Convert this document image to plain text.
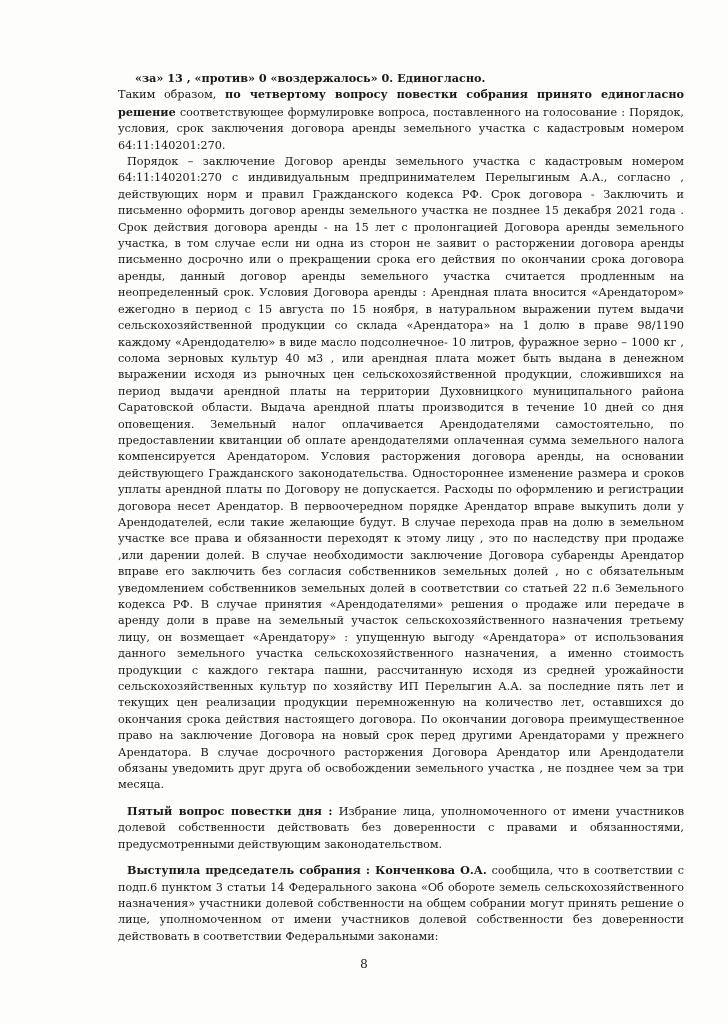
«за» 13 , «против» 0 «воздержалось» 0. Единогласно.

Таким образом, по четвертому вопросу повестки собрания принято единогласно решение соответствующее формулировке вопроса, поставленного на голосование : Порядок, условия, срок заключения договора аренды земельного участка с кадастровым номером 64:11:140201:270.

Порядок – заключение Договор аренды земельного участка с кадастровым номером 64:11:140201:270 с индивидуальным предпринимателем Перелыгиным А.А., согласно , действующих норм и правил Гражданского кодекса РФ. Срок договора - Заключить и письменно оформить договор аренды земельного участка не позднее 15 декабря 2021 года . Срок действия договора аренды - на 15 лет с пролонгацией Договора аренды земельного участка, в том случае если ни одна из сторон не заявит о расторжении договора аренды письменно досрочно или о прекращении срока его действия по окончании срока договора аренды, данный договор аренды земельного участка считается продленным на неопределенный срок. Условия Договора аренды : Арендная плата вносится «Арендатором» ежегодно в период с 15 августа по 15 ноября, в натуральном выражении путем выдачи сельскохозяйственной продукции со склада «Арендатора» на 1 долю в праве 98/1190 каждому «Арендодателю» в виде масло подсолнечное- 10 литров, фуражное зерно – 1000 кг , солома зерновых культур 40 м3 , или арендная плата может быть выдана в денежном выражении исходя из рыночных цен сельскохозяйственной продукции, сложившихся на период выдачи арендной платы на территории Духовницкого муниципального района Саратовской области. Выдача арендной платы производится в течение 10 дней со дня оповещения. Земельный налог оплачивается Арендодателями самостоятельно, по предоставлении квитанции об оплате арендодателями оплаченная сумма земельного налога компенсируется Арендатором. Условия расторжения договора аренды, на основании действующего Гражданского законодательства. Одностороннее изменение размера и сроков уплаты арендной платы по Договору не допускается. Расходы по оформлению и регистрации договора несет Арендатор. В первоочередном порядке Арендатор вправе выкупить доли у Арендодателей, если такие желающие будут. В случае перехода прав на долю в земельном участке все права и обязанности переходят к этому лицу , это по наследству при продаже ,или дарении долей. В случае необходимости заключение Договора субаренды Арендатор вправе его заключить без согласия собственников земельных долей , но с обязательным уведомлением собственников земельных долей в соответствии со статьей 22 п.6 Земельного кодекса РФ. В случае принятия «Арендодателями» решения о продаже или передаче в аренду доли в праве на земельный участок сельскохозяйственного назначения третьему лицу, он возмещает «Арендатору» : упущенную выгоду «Арендатора» от использования данного земельного участка сельскохозяйственного назначения, а именно стоимость продукции с каждого гектара пашни, рассчитанную исходя из средней урожайности сельскохозяйственных культур по хозяйству ИП Перелыгин А.А. за последние пять лет и текущих цен реализации продукции перемноженную на количество лет, оставшихся до окончания срока действия настоящего договора. По окончании договора преимущественное право на заключение Договора на новый срок перед другими Арендаторами у прежнего Арендатора. В случае досрочного расторжения Договора Арендатор или Арендодатели обязаны уведомить друг друга об освобождении земельного участка , не позднее чем за три месяца.

Пятый вопрос повестки дня : Избрание лица, уполномоченного от имени участников долевой собственности действовать без доверенности с правами и обязанностями, предусмотренными действующим законодательством.

Выступила председатель собрания : Конченкова О.А. сообщила, что в соответствии с подп.6 пунктом 3 статьи 14 Федерального закона «Об обороте земель сельскохозяйственного назначения» участники долевой собственности на общем собрании могут принять решение о лице, уполномоченном от имени участников долевой собственности без доверенности действовать в соответствии Федеральными законами:

8
